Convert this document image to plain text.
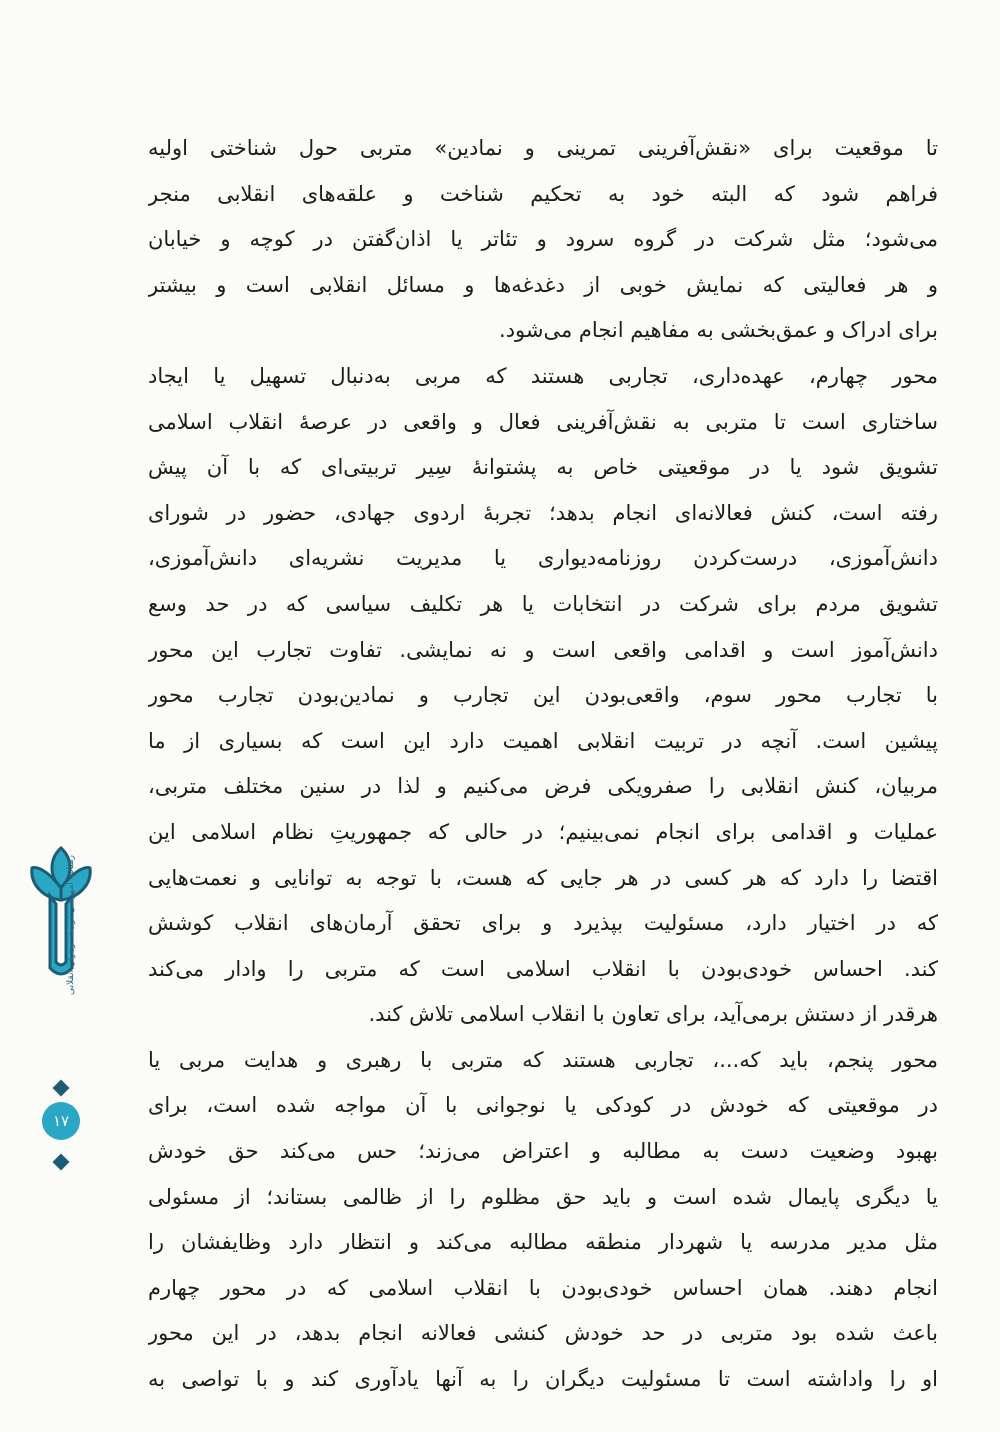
تا موقعیت برای «نقش‌آفرینی تمرینی و نمادین» متربی حول شناختی اولیه
فراهم شود که البته خود به تحکیم شناخت و علقه‌های انقلابی منجر
می‌شود؛ مثل شرکت در گروه سرود و تئاتر یا اذان‌گفتن در کوچه و خیابان
و هر فعالیتی که نمایش خوبی از دغدغه‌ها و مسائل انقلابی است و بیشتر
برای ادراک و عمق‌بخشی به مفاهیم انجام می‌شود.
محور چهارم، عهده‌داری، تجاربی هستند که مربی به‌دنبال تسهیل یا ایجاد
ساختاری است تا متربی به نقش‌آفرینی فعال و واقعی در عرصهٔ انقلاب اسلامی
تشویق شود یا در موقعیتی خاص به پشتوانهٔ سِیر تربیتی‌ای که با آن پیش
رفته است، کنش فعالانه‌ای انجام بدهد؛ تجربهٔ اردوی جهادی، حضور در شورای
دانش‌آموزی، درست‌کردن روزنامه‌دیواری یا مدیریت نشریه‌ای دانش‌آموزی،
تشویق مردم برای شرکت در انتخابات یا هر تکلیف سیاسی که در حد وسع
دانش‌آموز است و اقدامی واقعی است و نه نمایشی. تفاوت تجارب این محور
با تجارب محور سوم، واقعی‌بودن این تجارب و نمادین‌بودن تجارب محور
پیشین است. آنچه در تربیت انقلابی اهمیت دارد این است که بسیاری از ما
مربیان، کنش انقلابی را صفرویکی فرض می‌کنیم و لذا در سنین مختلف متربی،
عملیات و اقدامی برای انجام نمی‌بینیم؛ در حالی که جمهوریتِ نظام اسلامی این
اقتضا را دارد که هر کسی در هر جایی که هست، با توجه به توانایی و نعمت‌هایی
که در اختیار دارد، مسئولیت بپذیرد و برای تحقق آرمان‌های انقلاب کوشش
کند. احساس خودی‌بودن با انقلاب اسلامی است که متربی را وادار می‌کند
هرقدر از دستش برمی‌آید، برای تعاون با انقلاب اسلامی تلاش کند.
محور پنجم، باید که...، تجاربی هستند که متربی با رهبری و هدایت مربی یا
در موقعیتی که خودش در کودکی یا نوجوانی با آن مواجه شده است، برای
بهبود وضعیت دست به مطالبه و اعتراض می‌زند؛ حس می‌کند حق خودش
یا دیگری پایمال شده است و باید حق مظلوم را از ظالمی بستاند؛ از مسئولی
مثل مدیر مدرسه یا شهردار منطقه مطالبه می‌کند و انتظار دارد وظایفشان را
انجام دهند. همان احساس خودی‌بودن با انقلاب اسلامی که در محور چهارم
باعث شده بود متربی در حد خودش کنشی فعالانه انجام بدهد، در این محور
او را واداشته است تا مسئولیت دیگران را به آنها یادآوری کند و با تواصی به
رهنامه آموزشی تربیت نوجوان انقلابی
۱۷
